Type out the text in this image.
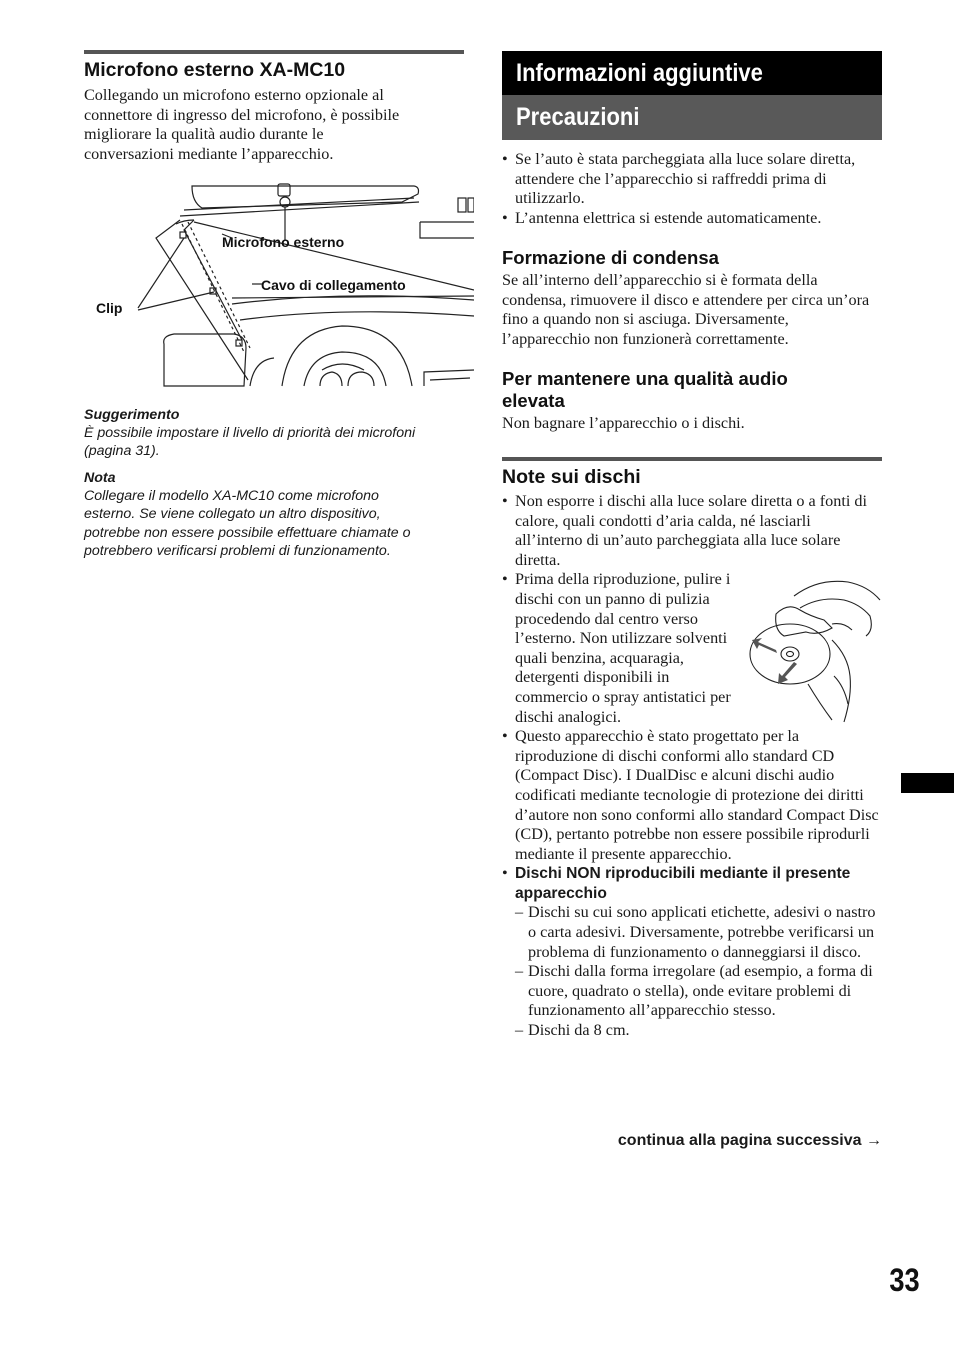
Microfono esterno XA-MC10
Collegando un microfono esterno opzionale al
connettore di ingresso del microfono, è possibile
migliorare la qualità audio durante le
conversazioni mediante l’apparecchio.
Microfono esterno
Cavo di collegamento
Clip
Suggerimento
È possibile impostare il livello di priorità dei microfoni
(pagina 31).
Nota
Collegare il modello XA-MC10 come microfono
esterno. Se viene collegato un altro dispositivo,
potrebbe non essere possibile effettuare chiamate o
potrebbero verificarsi problemi di funzionamento.
Informazioni aggiuntive
Precauzioni
• Se l’auto è stata parcheggiata alla luce solare diretta, attendere che l’apparecchio si raffreddi prima di utilizzarlo.
• L’antenna elettrica si estende automaticamente.
Formazione di condensa

Se all’interno dell’apparecchio si è formata della condensa, rimuovere il disco e attendere per circa un’ora fino a quando non si asciuga. Diversamente, l’apparecchio non funzionerà correttamente.

Per mantenere una qualità audio
elevata

Non bagnare l’apparecchio o i dischi.

Note sui dischi
• Non esporre i dischi alla luce solare diretta o a fonti di calore, quali condotti d’aria calda, né lasciarli all’interno di un’auto parcheggiata alla luce solare diretta.
• Prima della riproduzione, pulire i dischi con un panno di pulizia procedendo dal centro verso l’esterno. Non utilizzare solventi quali benzina, acquaragia, detergenti disponibili in commercio o spray antistatici per dischi analogici.
• Questo apparecchio è stato progettato per la riproduzione di dischi conformi allo standard CD (Compact Disc). I DualDisc e alcuni dischi audio codificati mediante tecnologie di protezione dei diritti d’autore non sono conformi allo standard Compact Disc (CD), pertanto potrebbe non essere possibile riprodurli mediante il presente apparecchio.
• Dischi NON riproducibili mediante il presente apparecchio
– Dischi su cui sono applicati etichette, adesivi o nastro o carta adesivi. Diversamente, potrebbe verificarsi un problema di funzionamento o danneggiarsi il disco.
– Dischi dalla forma irregolare (ad esempio, a forma di cuore, quadrato o stella), onde evitare problemi di funzionamento all’apparecchio stesso.
– Dischi da 8 cm.
continua alla pagina successiva →
33
